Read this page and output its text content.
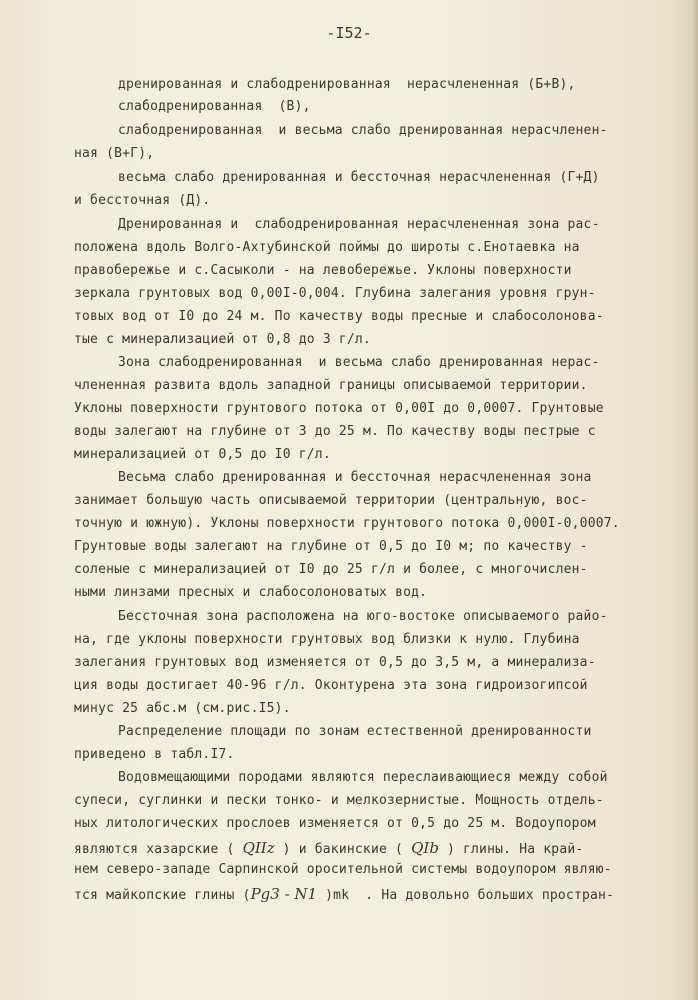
-I52-

дренированная и слабодренированная  нерасчлененная (Б+В),

слабодренированная  (В),

слабодренированная  и весьма слабо дренированная нерасчленен-

ная (В+Г),

весьма слабо дренированная и бессточная нерасчлененная (Г+Д)

и бессточная (Д).

Дренированная и  слабодренированная нерасчлененная зона рас-

положена вдоль Волго-Ахтубинской поймы до широты с.Енотаевка на

правобережье и с.Сасыколи - на левобережье. Уклоны поверхности

зеркала грунтовых вод 0,00I-0,004. Глубина залегания уровня грун-

товых вод от I0 до 24 м. По качеству воды пресные и слабосолонова-

тые с минерализацией от 0,8 до 3 г/л.

Зона слабодренированная  и весьма слабо дренированная нерас-

члененная развита вдоль западной границы описываемой территории.

Уклоны поверхности грунтового потока от 0,00I до 0,0007. Грунтовые

воды залегают на глубине от 3 до 25 м. По качеству воды пестрые с

минерализацией от 0,5 до I0 г/л.

Весьма слабо дренированная и бессточная нерасчлененная зона

занимает большую часть описываемой территории (центральную, вос-

точную и южную). Уклоны поверхности грунтового потока 0,000I-0,0007.

Грунтовые воды залегают на глубине от 0,5 до I0 м; по качеству -

соленые с минерализацией от I0 до 25 г/л и более, с многочислен-

ными линзами пресных и слабосолоноватых вод.

Бессточная зона расположена на юго-востоке описываемого райо-

на, где уклоны поверхности грунтовых вод близки к нулю. Глубина

залегания грунтовых вод изменяется от 0,5 до 3,5 м, а минерализа-

ция воды достигает 40-96 г/л. Оконтурена эта зона гидроизогипсой

минус 25 абс.м (см.рис.I5).

Распределение площади по зонам естественной дренированности

приведено в табл.I7.

Водовмещающими породами являются переслаивающиеся между собой

супеси, суглинки и пески тонко- и мелкозернистые. Мощность отдель-

ных литологических прослоев изменяется от 0,5 до 25 м. Водоупором

являются хазарские ( QIIz ) и бакинские ( QIb ) глины. На край-

нем северо-западе Сарпинской оросительной системы водоупором являю-

тся майкопские глины (Pg3 - N1 )mk  . На довольно больших простран-
